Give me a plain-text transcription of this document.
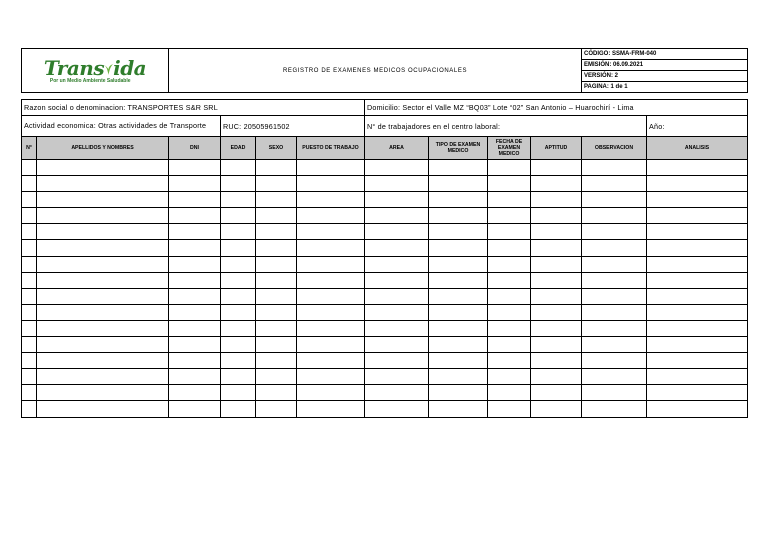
Trans ida
Por un Medio Ambiente Saludable		REGISTRO DE EXAMENES MEDICOS OCUPACIONALES								CÓDIGO: SSMA-FRM-040	
										EMISIÓN: 06.09.2021	
										VERSIÓN: 2	
										PAGINA: 1 de 1	

Razon social o denominacion: TRANSPORTES S&R SRL						Domicilio: Sector el Valle MZ “BQ03” Lote “02” San Antonio – Huarochirí - Lima					
Actividad economica: Otras actividades de Transporte			RUC: 20505961502			N° de trabajadores en el centro laboral:					Año:
N°	APELLIDOS Y NOMBRES	DNI	EDAD	SEXO	PUESTO DE TRABAJO	AREA	TIPO DE EXAMEN MEDICO	FECHA DE EXAMEN MEDICO	APTITUD	OBSERVACION	ANALISIS
